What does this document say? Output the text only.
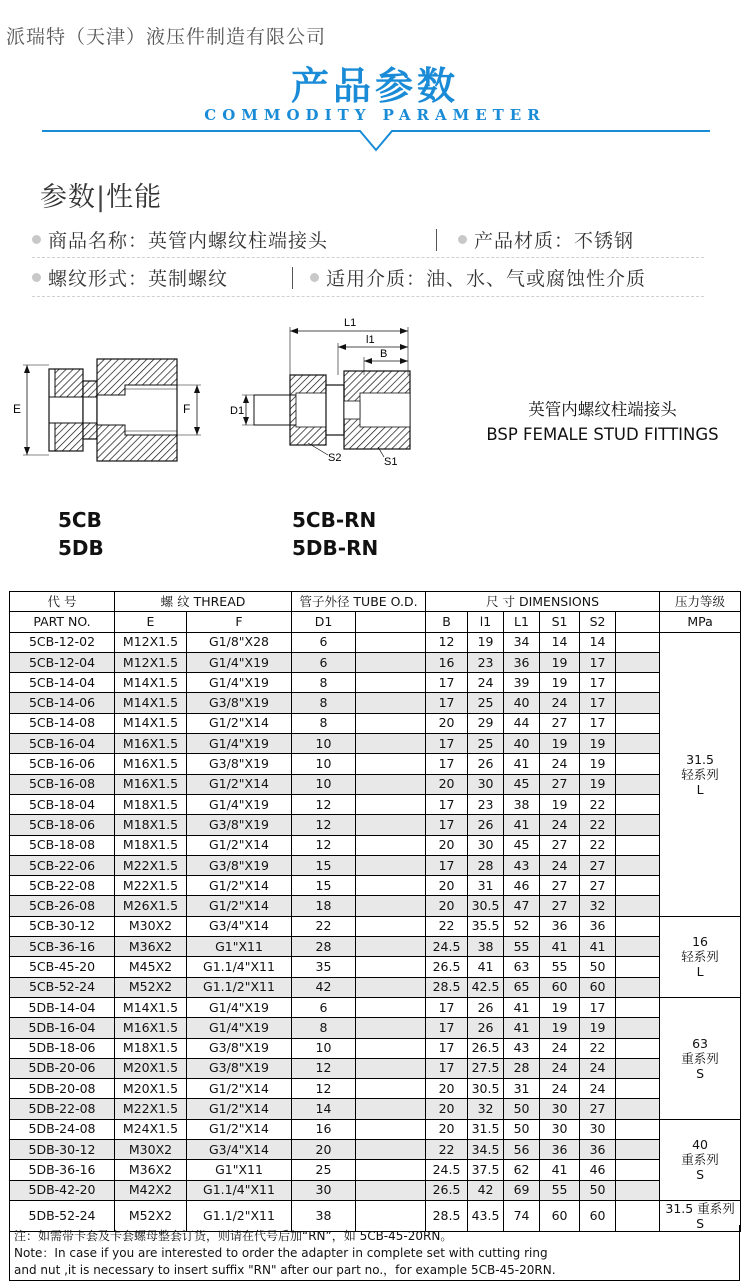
派瑞特（天津）液压件制造有限公司
产品参数
COMMODITY PARAMETER
参数|性能
商品名称：英管内螺纹柱端接头	产品材质：不锈钢
螺纹形式：英制螺纹	适用介质：油、水、气或腐蚀性介质
E	F
L1
l1
B
D1
S2	S1
5CB
5DB
5CB-RN
5DB-RN
英管内螺纹柱端接头
BSP FEMALE STUD FITTINGS
代 号	螺 纹 THREAD		管子外径 TUBE O.D.		尺 寸 DIMENSIONS						压力等级
PART NO.	E	F	D1		B	l1	L1	S1	S2		MPa
5CB-12-02	M12X1.5	G1/8"X28	6		12	19	34	14	14		31.5
轻系列
L

5CB-12-04	M12X1.5	G1/4"X19	6		16	23	36	19	17		
5CB-14-04	M14X1.5	G1/4"X19	8		17	24	39	19	17		
5CB-14-06	M14X1.5	G3/8"X19	8		17	25	40	24	17		
5CB-14-08	M14X1.5	G1/2"X14	8		20	29	44	27	17		
5CB-16-04	M16X1.5	G1/4"X19	10		17	25	40	19	19		
5CB-16-06	M16X1.5	G3/8"X19	10		17	26	41	24	19		
5CB-16-08	M16X1.5	G1/2"X14	10		20	30	45	27	19		
5CB-18-04	M18X1.5	G1/4"X19	12		17	23	38	19	22		
5CB-18-06	M18X1.5	G3/8"X19	12		17	26	41	24	22		
5CB-18-08	M18X1.5	G1/2"X14	12		20	30	45	27	22		
5CB-22-06	M22X1.5	G3/8"X19	15		17	28	43	24	27		
5CB-22-08	M22X1.5	G1/2"X14	15		20	31	46	27	27		
5CB-26-08	M26X1.5	G1/2"X14	18		20	30.5	47	27	32		
5CB-30-12	M30X2	G3/4"X14	22		22	35.5	52	36	36		16
轻系列
L

5CB-36-16	M36X2	G1"X11	28		24.5	38	55	41	41		
5CB-45-20	M45X2	G1.1/4"X11	35		26.5	41	63	55	50		
5CB-52-24	M52X2	G1.1/2"X11	42		28.5	42.5	65	60	60		
5DB-14-04	M14X1.5	G1/4"X19	6		17	26	41	19	17		63
重系列
S

5DB-16-04	M16X1.5	G1/4"X19	8		17	26	41	19	19		
5DB-18-06	M18X1.5	G3/8"X19	10		17	26.5	43	24	22		
5DB-20-06	M20X1.5	G3/8"X19	12		17	27.5	28	24	24		
5DB-20-08	M20X1.5	G1/2"X14	12		20	30.5	31	24	24		
5DB-22-08	M22X1.5	G1/2"X14	14		20	32	50	30	27		
5DB-24-08	M24X1.5	G1/2"X14	16		20	31.5	50	30	30		40
重系列
S

5DB-30-12	M30X2	G3/4"X14	20		22	34.5	56	36	36		
5DB-36-16	M36X2	G1"X11	25		24.5	37.5	62	41	46		
5DB-42-20	M42X2	G1.1/4"X11	30		26.5	42	69	55	50		
5DB-52-24	M52X2	G1.1/2"X11	38		28.5	43.5	74	60	60		31.5 重系列 S
注：如需带卡套及卡套螺母整套订货，则请在代号后加“RN”，如 5CB-45-20RN。
Note：In case if you are interested to order the adapter in complete set with cutting ring
and nut ,it is necessary to insert suffix "RN" after our part no.，for example 5CB-45-20RN.
